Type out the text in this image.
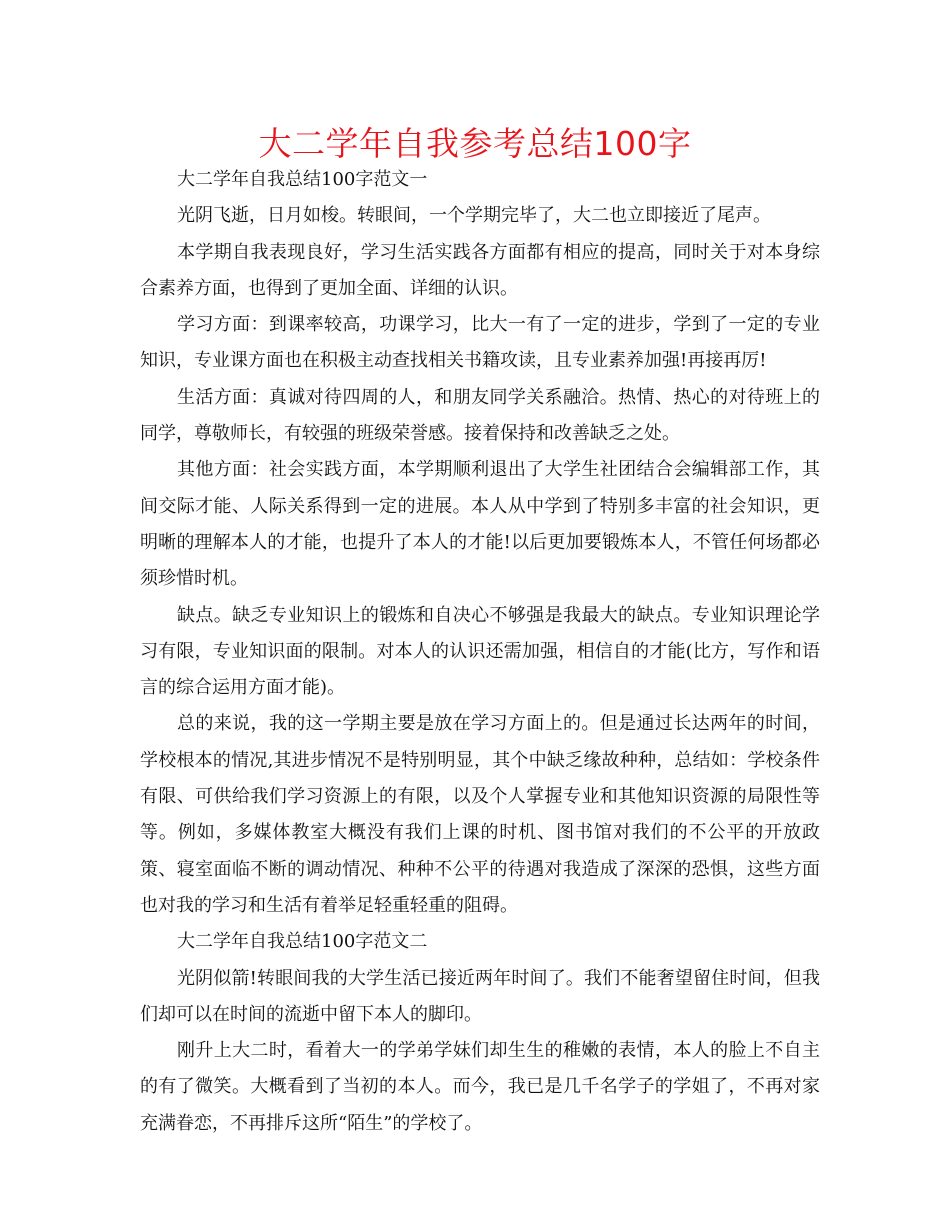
大二学年自我参考总结100字

大二学年自我总结100字范文一

光阴飞逝，日月如梭。转眼间，一个学期完毕了，大二也立即接近了尾声。

本学期自我表现良好，学习生活实践各方面都有相应的提高，同时关于对本身综合素养方面，也得到了更加全面、详细的认识。

学习方面：到课率较高，功课学习，比大一有了一定的进步，学到了一定的专业知识，专业课方面也在积极主动查找相关书籍攻读，且专业素养加强!再接再厉!

生活方面：真诚对待四周的人，和朋友同学关系融洽。热情、热心的对待班上的同学，尊敬师长，有较强的班级荣誉感。接着保持和改善缺乏之处。

其他方面：社会实践方面，本学期顺利退出了大学生社团结合会编辑部工作，其间交际才能、人际关系得到一定的进展。本人从中学到了特别多丰富的社会知识，更明晰的理解本人的才能，也提升了本人的才能!以后更加要锻炼本人，不管任何场都必须珍惜时机。

缺点。缺乏专业知识上的锻炼和自决心不够强是我最大的缺点。专业知识理论学习有限，专业知识面的限制。对本人的认识还需加强，相信自的才能(比方，写作和语言的综合运用方面才能)。

总的来说，我的这一学期主要是放在学习方面上的。但是通过长达两年的时间，学校根本的情况,其进步情况不是特别明显，其个中缺乏缘故种种，总结如：学校条件有限、可供给我们学习资源上的有限，以及个人掌握专业和其他知识资源的局限性等等。例如，多媒体教室大概没有我们上课的时机、图书馆对我们的不公平的开放政策、寝室面临不断的调动情况、种种不公平的待遇对我造成了深深的恐惧，这些方面也对我的学习和生活有着举足轻重轻重的阻碍。

大二学年自我总结100字范文二

光阴似箭!转眼间我的大学生活已接近两年时间了。我们不能奢望留住时间，但我们却可以在时间的流逝中留下本人的脚印。

刚升上大二时，看着大一的学弟学妹们却生生的稚嫩的表情，本人的脸上不自主的有了微笑。大概看到了当初的本人。而今，我已是几千名学子的学姐了，不再对家充满眷恋，不再排斥这所“陌生”的学校了。
